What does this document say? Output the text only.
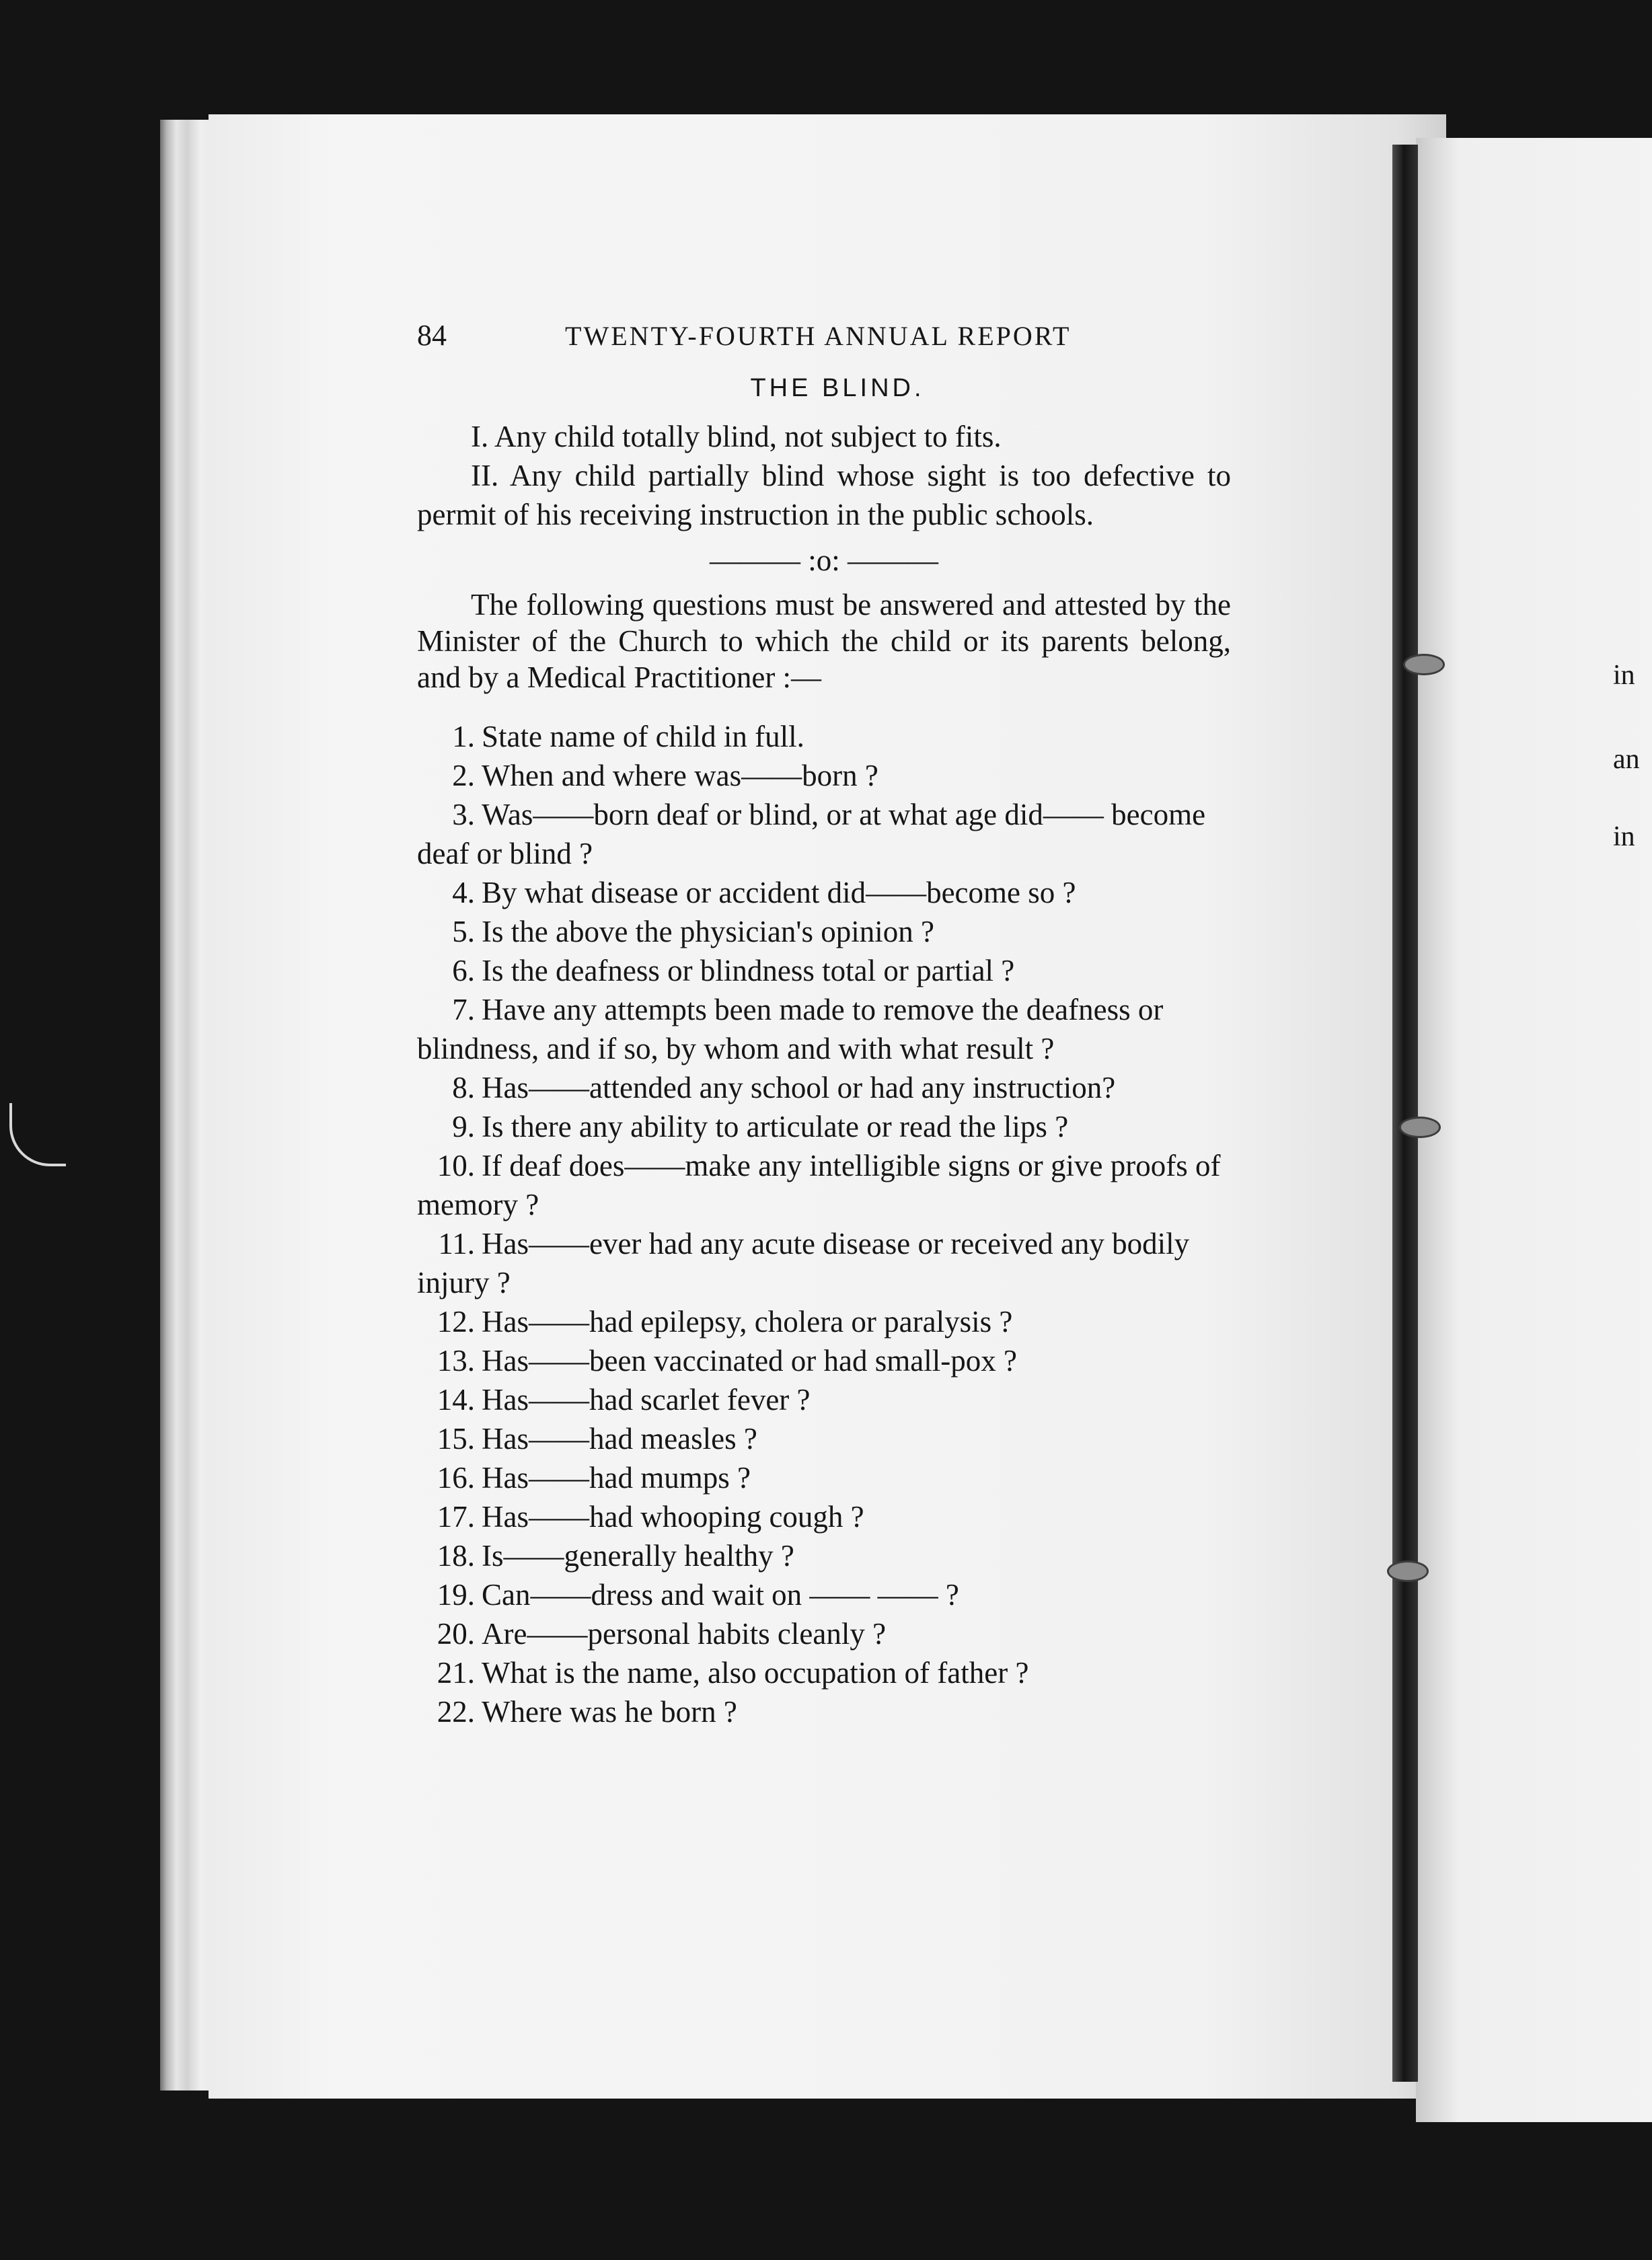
in
an
in
84	TWENTY-FOURTH ANNUAL REPORT
THE BLIND.

I. Any child totally blind, not subject to fits.

II. Any child partially blind whose sight is too defective to permit of his receiving instruction in the public schools.

——— :o: ———

The following questions must be answered and attested by the Minister of the Church to which the child or its parents belong, and by a Medical Practitioner :—

1. State name of child in full.

2. When and where was——born ?

3. Was——born deaf or blind, or at what age did—— become deaf or blind ?

4. By what disease or accident did——become so ?

5. Is the above the physician's opinion ?

6. Is the deafness or blindness total or partial ?

7. Have any attempts been made to remove the deafness or blindness, and if so, by whom and with what result ?

8. Has——attended any school or had any instruction?

9. Is there any ability to articulate or read the lips ?

10. If deaf does——make any intelligible signs or give proofs of memory ?

11. Has——ever had any acute disease or received any bodily injury ?

12. Has——had epilepsy, cholera or paralysis ?

13. Has——been vaccinated or had small-pox ?

14. Has——had scarlet fever ?

15. Has——had measles ?

16. Has——had mumps ?

17. Has——had whooping cough ?

18. Is——generally healthy ?

19. Can——dress and wait on —— —— ?

20. Are——personal habits cleanly ?

21. What is the name, also occupation of father ?

22. Where was he born ?
